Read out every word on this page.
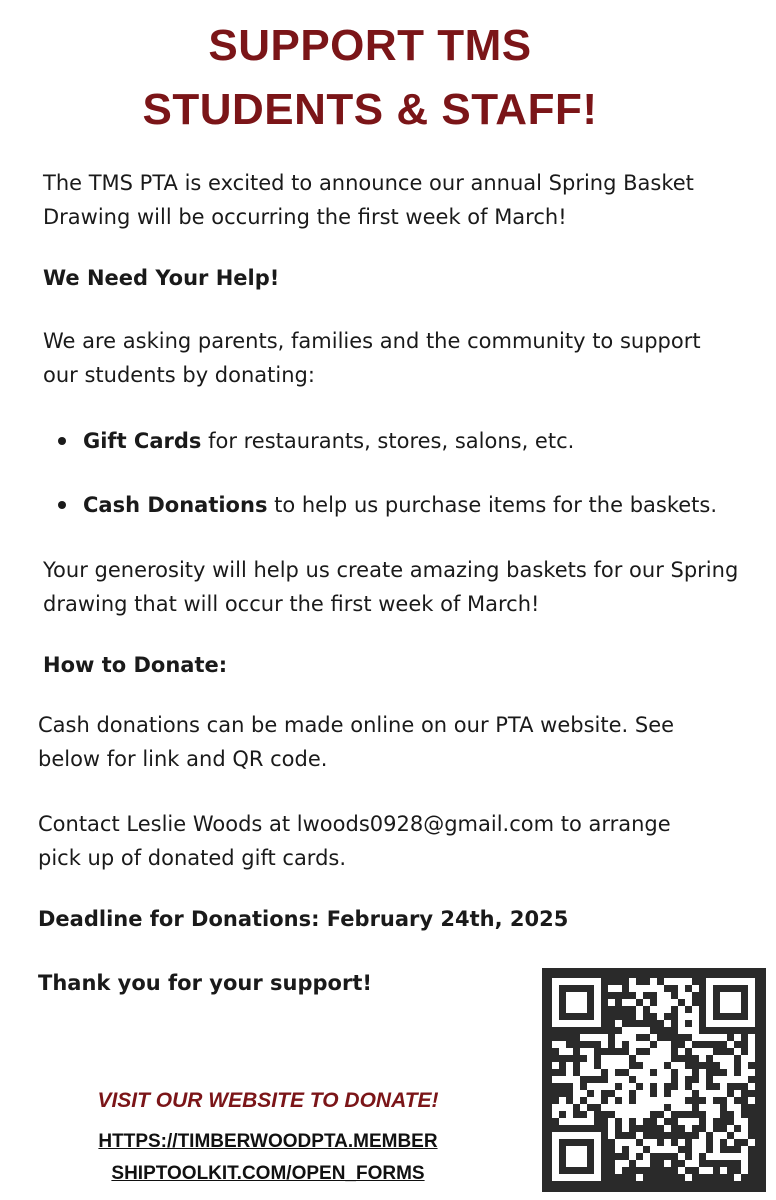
SUPPORT TMS
STUDENTS & STAFF!
The TMS PTA is excited to announce our annual Spring Basket
Drawing will be occurring the first week of March!
We Need Your Help!
We are asking parents, families and the community to support
our students by donating:
Gift Cards for restaurants, stores, salons, etc.
Cash Donations to help us purchase items for the baskets.
Your generosity will help us create amazing baskets for our Spring
drawing that will occur the first week of March!
How to Donate:
Cash donations can be made online on our PTA website. See
below for link and QR code.
Contact Leslie Woods at lwoods0928@gmail.com to arrange
pick up of donated gift cards.
Deadline for Donations: February 24th, 2025
Thank you for your support!
VISIT OUR WEBSITE TO DONATE!
HTTPS://TIMBERWOODPTA.MEMBER
SHIPTOOLKIT.COM/OPEN_FORMS
